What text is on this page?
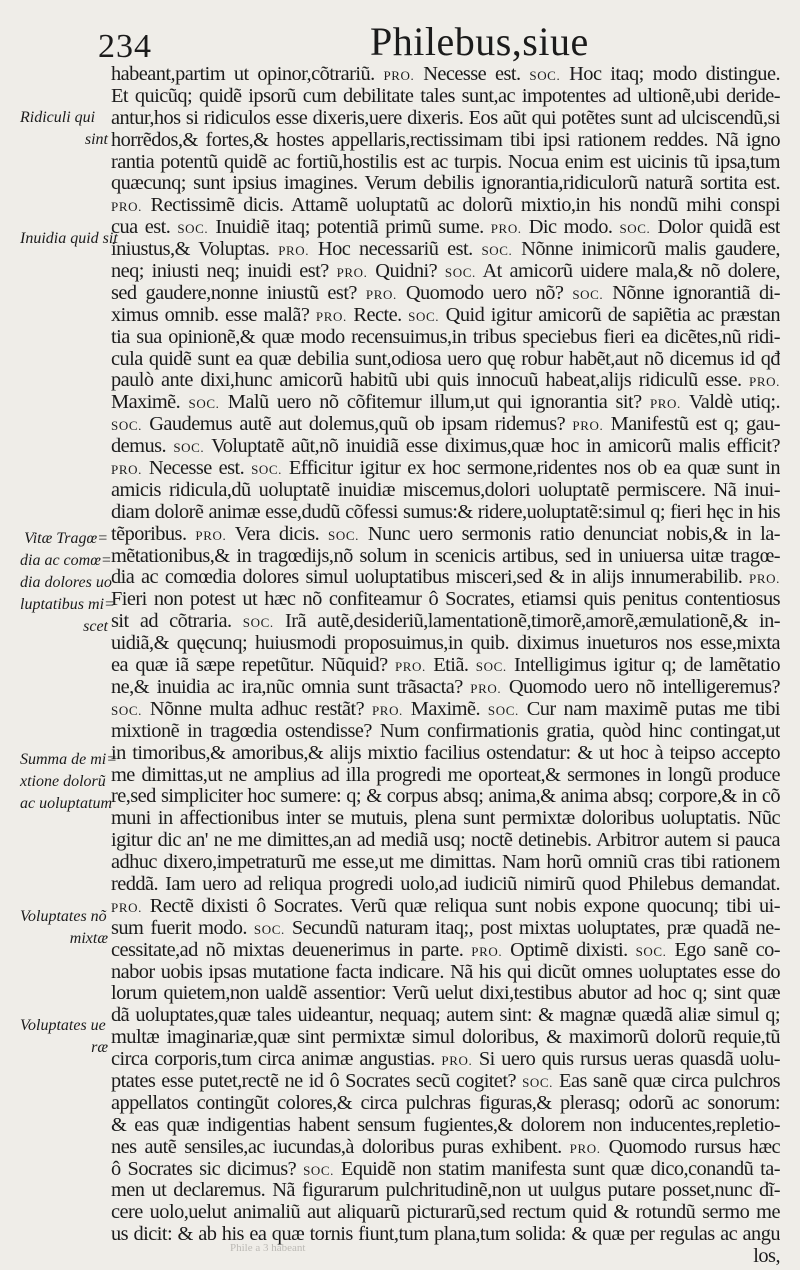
234	Philebus,siue
Ridiculi qui
sint
Inuidia quid sit
Vitæ Tragœ=
dia ac comœ=
dia dolores uo
luptatibus mi=
scet
Summa de mi=
xtione dolorũ
ac uoluptatum
Voluptates nõ
mixtæ
Voluptates ue
ræ
habeant,partim ut opinor,cõtrariũ. PRO. Necesse est. SOC. Hoc itaq; modo distingue.
Et quicũq; quidẽ ipsorũ cum debilitate tales sunt,ac impotentes ad ultionẽ,ubi deride-
antur,hos si ridiculos esse dixeris,uere dixeris. Eos aũt qui potẽtes sunt ad ulciscendũ,si
horrẽdos,& fortes,& hostes appellaris,rectissimam tibi ipsi rationem reddes. Nã igno
rantia potentũ quidẽ ac fortiũ,hostilis est ac turpis. Nocua enim est uicinis tũ ipsa,tum
quæcunq; sunt ipsius imagines. Verum debilis ignorantia,ridiculorũ naturã sortita est.
PRO. Rectissimẽ dicis. Attamẽ uoluptatũ ac dolorũ mixtio,in his nondũ mihi conspi
cua est. SOC. Inuidiẽ itaq; potentiã primũ sume. PRO. Dic modo. SOC. Dolor quidã est
iniustus,& Voluptas. PRO. Hoc necessariũ est. SOC. Nõnne inimicorũ malis gaudere,
neq; iniusti neq; inuidi est? PRO. Quidni? SOC. At amicorũ uidere mala,& nõ dolere,
sed gaudere,nonne iniustũ est? PRO. Quomodo uero nõ? SOC. Nõnne ignorantiã di-
ximus omnib. esse malã? PRO. Recte. SOC. Quid igitur amicorũ de sapiẽtia ac præstan
tia sua opinionẽ,& quæ modo recensuimus,in tribus speciebus fieri ea dicẽtes,nũ ridi-
cula quidẽ sunt ea quæ debilia sunt,odiosa uero quę robur habẽt,aut nõ dicemus id qđ
paulò ante dixi,hunc amicorũ habitũ ubi quis innocuũ habeat,alijs ridiculũ esse. PRO.
Maximẽ. SOC. Malũ uero nõ cõfitemur illum,ut qui ignorantia sit? PRO. Valdè utiq;.
SOC. Gaudemus autẽ aut dolemus,quũ ob ipsam ridemus? PRO. Manifestũ est q; gau-
demus. SOC. Voluptatẽ aũt,nõ inuidiã esse diximus,quæ hoc in amicorũ malis efficit?
PRO. Necesse est. SOC. Efficitur igitur ex hoc sermone,ridentes nos ob ea quæ sunt in
amicis ridicula,dũ uoluptatẽ inuidiæ miscemus,dolori uoluptatẽ permiscere. Nã inui-
diam dolorẽ animæ esse,dudũ cõfessi sumus:& ridere,uoluptatẽ:simul q; fieri hęc in his
tẽporibus. PRO. Vera dicis. SOC. Nunc uero sermonis ratio denunciat nobis,& in la-
mẽtationibus,& in tragœdijs,nõ solum in scenicis artibus, sed in uniuersa uitæ tragœ-
dia ac comœdia dolores simul uoluptatibus misceri,sed & in alijs innumerabilib. PRO.
Fieri non potest ut hæc nõ confiteamur ô Socrates, etiamsi quis penitus contentiosus
sit ad cõtraria. SOC. Irã autẽ,desideriũ,lamentationẽ,timorẽ,amorẽ,æmulationẽ,& in-
uidiã,& quęcunq; huiusmodi proposuimus,in quib. diximus inueturos nos esse,mixta
ea quæ iã sæpe repetũtur. Nũquid? PRO. Etiã. SOC. Intelligimus igitur q; de lamẽtatio
ne,& inuidia ac ira,nũc omnia sunt trãsacta? PRO. Quomodo uero nõ intelligeremus?
SOC. Nõnne multa adhuc restãt? PRO. Maximẽ. SOC. Cur nam maximẽ putas me tibi
mixtionẽ in tragœdia ostendisse? Num confirmationis gratia, quòd hinc contingat,ut
in timoribus,& amoribus,& alijs mixtio facilius ostendatur: & ut hoc à teipso accepto
me dimittas,ut ne amplius ad illa progredi me oporteat,& sermones in longũ produce
re,sed simpliciter hoc sumere: q; & corpus absq; anima,& anima absq; corpore,& in cõ
muni in affectionibus inter se mutuis, plena sunt permixtæ doloribus uoluptatis. Nũc
igitur dic an' ne me dimittes,an ad mediã usq; noctẽ detinebis. Arbitror autem si pauca
adhuc dixero,impetraturũ me esse,ut me dimittas. Nam horũ omniũ cras tibi rationem
reddã. Iam uero ad reliqua progredi uolo,ad iudiciũ nimirũ quod Philebus demandat.
PRO. Rectẽ dixisti ô Socrates. Verũ quæ reliqua sunt nobis expone quocunq; tibi ui-
sum fuerit modo. SOC. Secundũ naturam itaq;, post mixtas uoluptates, præ quadã ne-
cessitate,ad nõ mixtas deuenerimus in parte. PRO. Optimẽ dixisti. SOC. Ego sanẽ co-
nabor uobis ipsas mutatione facta indicare. Nã his qui dicũt omnes uoluptates esse do
lorum quietem,non ualdẽ assentior: Verũ uelut dixi,testibus abutor ad hoc q; sint quæ
dã uoluptates,quæ tales uideantur, nequaq; autem sint: & magnæ quædã aliæ simul q;
multæ imaginariæ,quæ sint permixtæ simul doloribus, & maximorũ dolorũ requie,tũ
circa corporis,tum circa animæ angustias. PRO. Si uero quis rursus ueras quasdã uolu-
ptates esse putet,rectẽ ne id ô Socrates secũ cogitet? SOC. Eas sanẽ quæ circa pulchros
appellatos contingũt colores,& circa pulchras figuras,& plerasq; odorũ ac sonorum:
& eas quæ indigentias habent sensum fugientes,& dolorem non inducentes,repletio-
nes autẽ sensiles,ac iucundas,à doloribus puras exhibent. PRO. Quomodo rursus hæc
ô Socrates sic dicimus? SOC. Equidẽ non statim manifesta sunt quæ dico,conandũ ta-
men ut declaremus. Nã figurarum pulchritudinẽ,non ut uulgus putare posset,nunc dĩ-
cere uolo,uelut animaliũ aut aliquarũ picturarũ,sed rectum quid & rotundũ sermo me
us dicit: & ab his ea quæ tornis fiunt,tum plana,tum solida: & quæ per regulas ac angu
los,
Phile a 3 habeant
